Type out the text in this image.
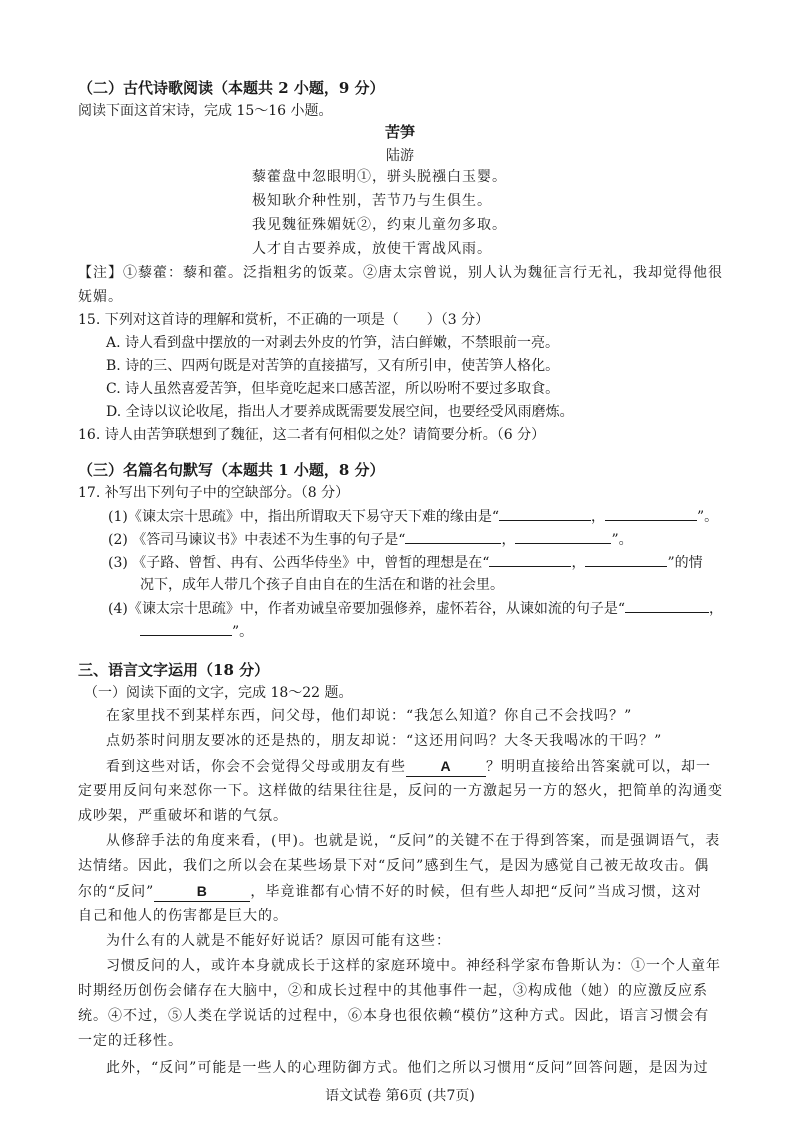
（二）古代诗歌阅读（本题共 2 小题，9 分）
阅读下面这首宋诗，完成 15～16 小题。
苦笋
陆游
藜藿盘中忽眼明①，骈头脱襁白玉婴。
极知耿介种性别，苦节乃与生俱生。
我见魏征殊媚妩②，约束儿童勿多取。
人才自古要养成，放使干霄战风雨。
【注】①藜藿：藜和藿。泛指粗劣的饭菜。②唐太宗曾说，别人认为魏征言行无礼，我却觉得他很
妩媚。
15. 下列对这首诗的理解和赏析，不正确的一项是（　　）（3 分）
A. 诗人看到盘中摆放的一对剥去外皮的竹笋，洁白鲜嫩，不禁眼前一亮。
B. 诗的三、四两句既是对苦笋的直接描写，又有所引申，使苦笋人格化。
C. 诗人虽然喜爱苦笋，但毕竟吃起来口感苦涩，所以吩咐不要过多取食。
D. 全诗以议论收尾，指出人才要养成既需要发展空间，也要经受风雨磨炼。
16. 诗人由苦笋联想到了魏征，这二者有何相似之处？请简要分析。（6 分）
（三）名篇名句默写（本题共 1 小题，8 分）
17. 补写出下列句子中的空缺部分。（8 分）
(1)《谏太宗十思疏》中，指出所谓取天下易守天下难的缘由是“	，	”。
(2) 《答司马谏议书》中表述不为生事的句子是“	，	”。
(3) 《子路、曾皙、冉有、公西华侍坐》中，曾皙的理想是在“	，	”的情
况下，成年人带几个孩子自由自在的生活在和谐的社会里。
(4)《谏太宗十思疏》中，作者劝诫皇帝要加强修养，虚怀若谷，从谏如流的句子是“	，
”。
三、语言文字运用（18 分）
（一）阅读下面的文字，完成 18～22 题。
在家里找不到某样东西，问父母，他们却说：“我怎么知道？你自己不会找吗？”
点奶茶时问朋友要冰的还是热的，朋友却说：“这还用问吗？大冬天我喝冰的干吗？”
看到这些对话，你会不会觉得父母或朋友有些 A ？明明直接给出答案就可以，却一
定要用反问句来怼你一下。这样做的结果往往是，反问的一方激起另一方的怒火，把简单的沟通变
成吵架，严重破坏和谐的气氛。
从修辞手法的角度来看，(甲)。也就是说，“反问”的关键不在于得到答案，而是强调语气，表
达情绪。因此，我们之所以会在某些场景下对“反问”感到生气，是因为感觉自己被无故攻击。偶
尔的“反问”	B	，毕竟谁都有心情不好的时候，但有些人却把“反问”当成习惯，这对
自己和他人的伤害都是巨大的。
为什么有的人就是不能好好说话？原因可能有这些：
习惯反问的人，或许本身就成长于这样的家庭环境中。神经科学家布鲁斯认为：①一个人童年
时期经历创伤会储存在大脑中，②和成长过程中的其他事件一起，③构成他（她）的应激反应系
统。④不过，⑤人类在学说话的过程中，⑥本身也很依赖“模仿”这种方式。因此，语言习惯会有
一定的迁移性。
此外，“反问”可能是一些人的心理防御方式。他们之所以习惯用“反问”回答问题，是因为过
语文试卷 第6页 (共7页)
